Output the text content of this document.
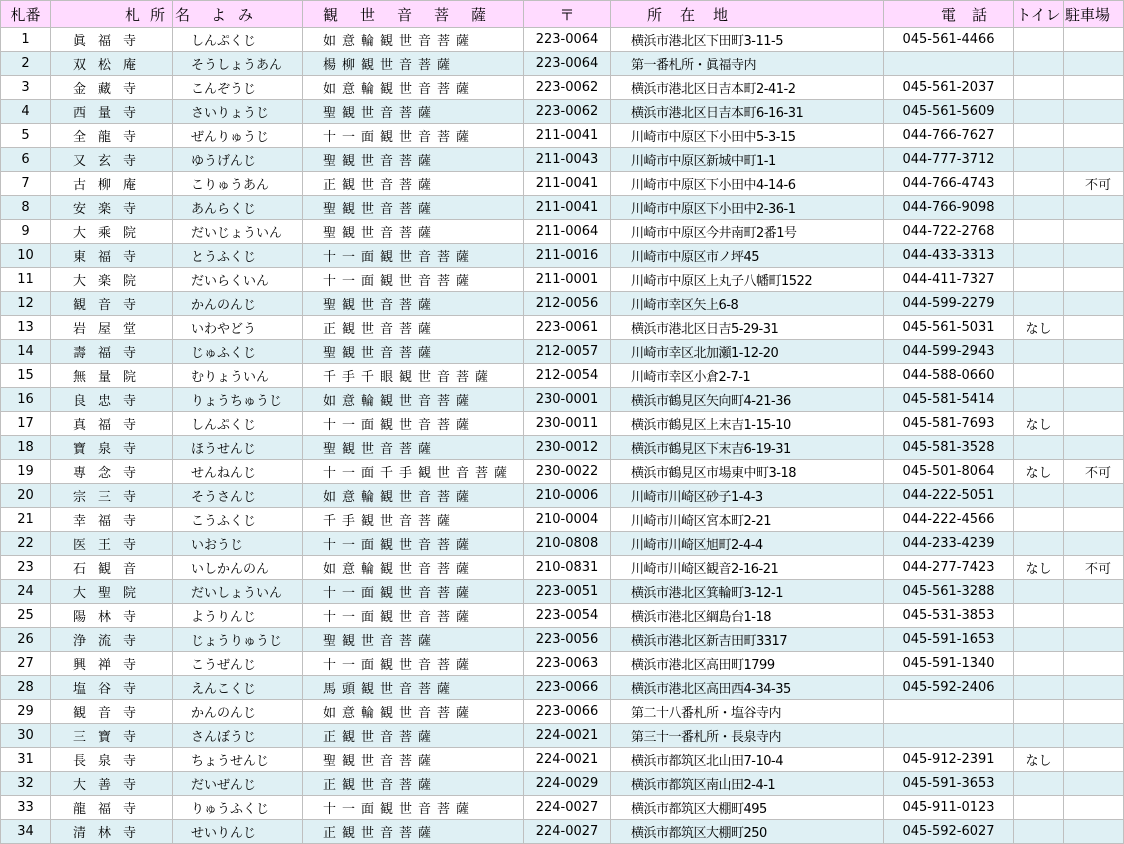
札番	札所名	よみ	観世音菩薩	〒	所在地	電話	トイレ	駐車場
1	眞福寺	しんぷくじ	如意輪観世音菩薩	223-0064	横浜市港北区下田町3-11-5	045-561-4466		
2	双松庵	そうしょうあん	楊柳観世音菩薩	223-0064	第一番札所・眞福寺内			
3	金藏寺	こんぞうじ	如意輪観世音菩薩	223-0062	横浜市港北区日吉本町2-41-2	045-561-2037		
4	西量寺	さいりょうじ	聖観世音菩薩	223-0062	横浜市港北区日吉本町6-16-31	045-561-5609		
5	全龍寺	ぜんりゅうじ	十一面観世音菩薩	211-0041	川崎市中原区下小田中5-3-15	044-766-7627		
6	又玄寺	ゆうげんじ	聖観世音菩薩	211-0043	川崎市中原区新城中町1-1	044-777-3712		
7	古柳庵	こりゅうあん	正観世音菩薩	211-0041	川崎市中原区下小田中4-14-6	044-766-4743		不可
8	安楽寺	あんらくじ	聖観世音菩薩	211-0041	川崎市中原区下小田中2-36-1	044-766-9098		
9	大乘院	だいじょういん	聖観世音菩薩	211-0064	川崎市中原区今井南町2番1号	044-722-2768		
10	東福寺	とうふくじ	十一面観世音菩薩	211-0016	川崎市中原区市ノ坪45	044-433-3313		
11	大楽院	だいらくいん	十一面観世音菩薩	211-0001	川崎市中原区上丸子八幡町1522	044-411-7327		
12	観音寺	かんのんじ	聖観世音菩薩	212-0056	川崎市幸区矢上6-8	044-599-2279		
13	岩屋堂	いわやどう	正観世音菩薩	223-0061	横浜市港北区日吉5-29-31	045-561-5031	なし	
14	壽福寺	じゅふくじ	聖観世音菩薩	212-0057	川崎市幸区北加瀬1-12-20	044-599-2943		
15	無量院	むりょういん	千手千眼観世音菩薩	212-0054	川崎市幸区小倉2-7-1	044-588-0660		
16	良忠寺	りょうちゅうじ	如意輪観世音菩薩	230-0001	横浜市鶴見区矢向町4-21-36	045-581-5414		
17	真福寺	しんぷくじ	十一面観世音菩薩	230-0011	横浜市鶴見区上末吉1-15-10	045-581-7693	なし	
18	寶泉寺	ほうせんじ	聖観世音菩薩	230-0012	横浜市鶴見区下末吉6-19-31	045-581-3528		
19	專念寺	せんねんじ	十一面千手観世音菩薩	230-0022	横浜市鶴見区市場東中町3-18	045-501-8064	なし	不可
20	宗三寺	そうさんじ	如意輪観世音菩薩	210-0006	川崎市川崎区砂子1-4-3	044-222-5051		
21	幸福寺	こうふくじ	千手観世音菩薩	210-0004	川崎市川崎区宮本町2-21	044-222-4566		
22	医王寺	いおうじ	十一面観世音菩薩	210-0808	川崎市川崎区旭町2-4-4	044-233-4239		
23	石観音	いしかんのん	如意輪観世音菩薩	210-0831	川崎市川崎区観音2-16-21	044-277-7423	なし	不可
24	大聖院	だいしょういん	十一面観世音菩薩	223-0051	横浜市港北区箕輪町3-12-1	045-561-3288		
25	陽林寺	ようりんじ	十一面観世音菩薩	223-0054	横浜市港北区綱島台1-18	045-531-3853		
26	浄流寺	じょうりゅうじ	聖観世音菩薩	223-0056	横浜市港北区新吉田町3317	045-591-1653		
27	興禅寺	こうぜんじ	十一面観世音菩薩	223-0063	横浜市港北区高田町1799	045-591-1340		
28	塩谷寺	えんこくじ	馬頭観世音菩薩	223-0066	横浜市港北区高田西4-34-35	045-592-2406		
29	観音寺	かんのんじ	如意輪観世音菩薩	223-0066	第二十八番札所・塩谷寺内			
30	三寶寺	さんぼうじ	正観世音菩薩	224-0021	第三十一番札所・長泉寺内			
31	長泉寺	ちょうせんじ	聖観世音菩薩	224-0021	横浜市都筑区北山田7-10-4	045-912-2391	なし	
32	大善寺	だいぜんじ	正観世音菩薩	224-0029	横浜市都筑区南山田2-4-1	045-591-3653		
33	龍福寺	りゅうふくじ	十一面観世音菩薩	224-0027	横浜市都筑区大棚町495	045-911-0123		
34	清林寺	せいりんじ	正観世音菩薩	224-0027	横浜市都筑区大棚町250	045-592-6027		
